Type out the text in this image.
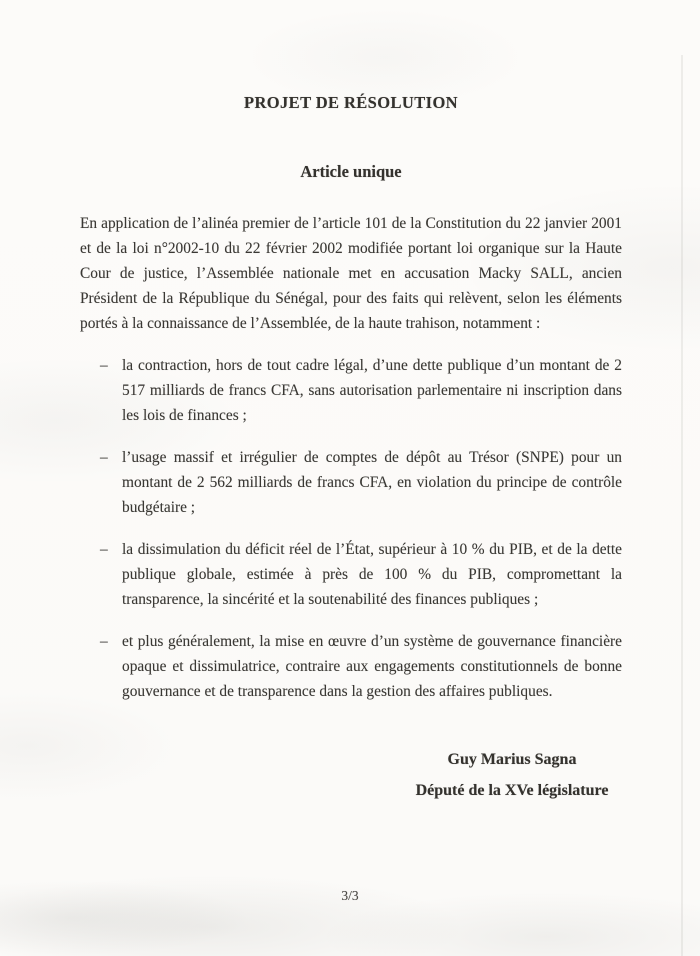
PROJET DE RÉSOLUTION
Article unique

En application de l’alinéa premier de l’article 101 de la Constitution du 22 janvier 2001 et de la loi n°2002-10 du 22 février 2002 modifiée portant loi organique sur la Haute Cour de justice, l’Assemblée nationale met en accusation Macky SALL, ancien Président de la République du Sénégal, pour des faits qui relèvent, selon les éléments portés à la connaissance de l’Assemblée, de la haute trahison, notamment :

– la contraction, hors de tout cadre légal, d’une dette publique d’un montant de 2 517 milliards de francs CFA, sans autorisation parlementaire ni inscription dans les lois de finances ;
– l’usage massif et irrégulier de comptes de dépôt au Trésor (SNPE) pour un montant de 2 562 milliards de francs CFA, en violation du principe de contrôle budgétaire ;
– la dissimulation du déficit réel de l’État, supérieur à 10 % du PIB, et de la dette publique globale, estimée à près de 100 % du PIB, compromettant la transparence, la sincérité et la soutenabilité des finances publiques ;
– et plus généralement, la mise en œuvre d’un système de gouvernance financière opaque et dissimulatrice, contraire aux engagements constitutionnels de bonne gouvernance et de transparence dans la gestion des affaires publiques.
Guy Marius Sagna
Député de la XVe législature
3/3
